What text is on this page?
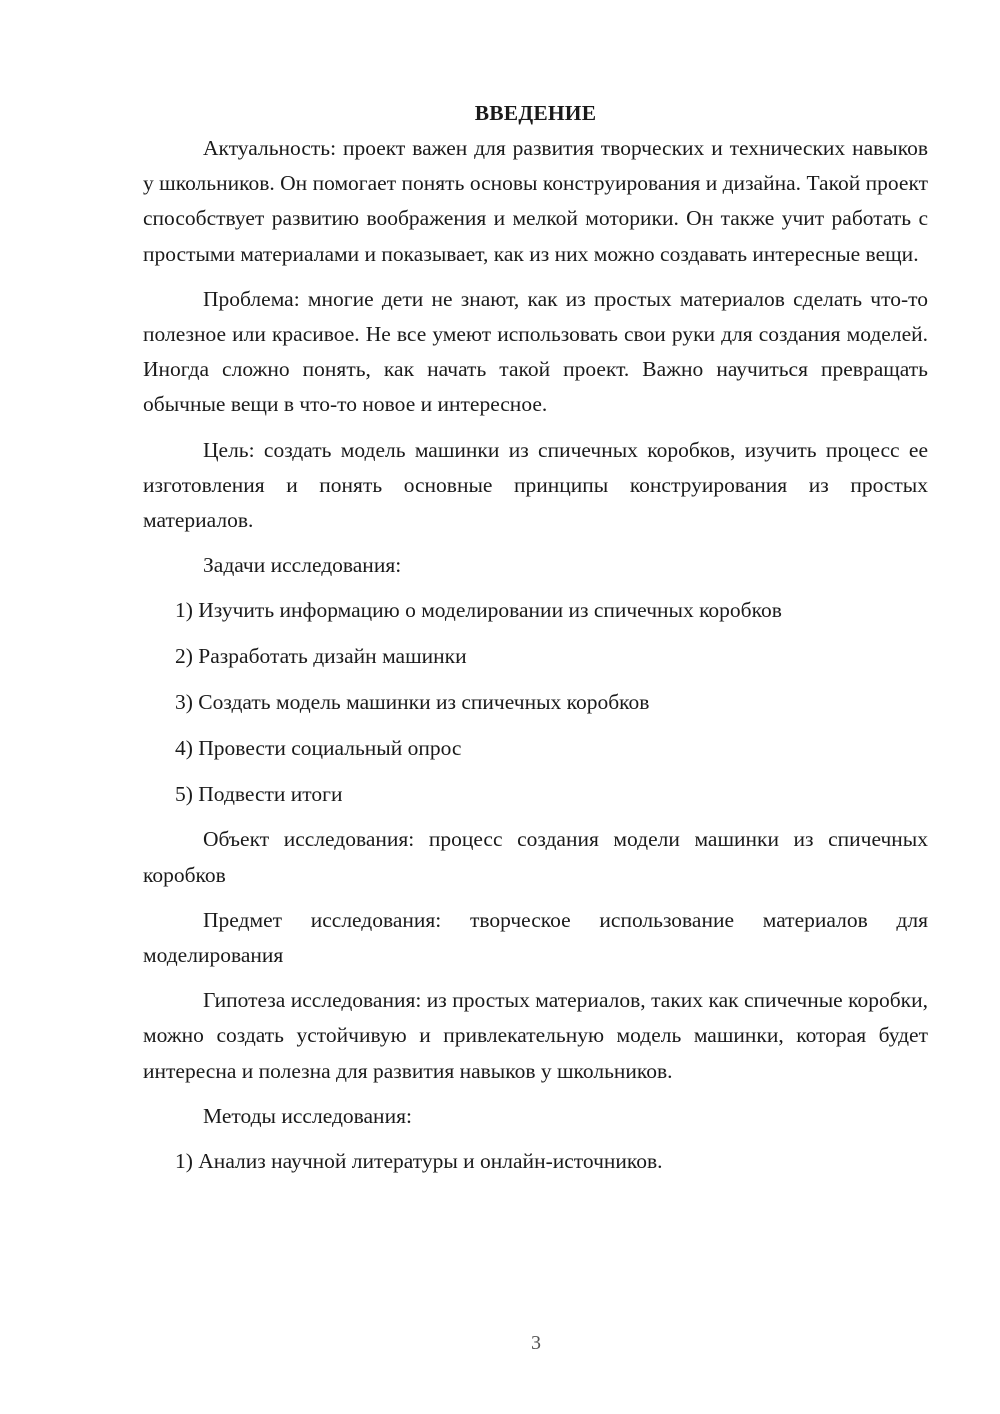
ВВЕДЕНИЕ

Актуальность: проект важен для развития творческих и технических навыков у школьников. Он помогает понять основы конструирования и дизайна. Такой проект способствует развитию воображения и мелкой моторики. Он также учит работать с простыми материалами и показывает, как из них можно создавать интересные вещи.

Проблема: многие дети не знают, как из простых материалов сделать что-то полезное или красивое. Не все умеют использовать свои руки для создания моделей. Иногда сложно понять, как начать такой проект. Важно научиться превращать обычные вещи в что-то новое и интересное.

Цель: создать модель машинки из спичечных коробков, изучить процесс ее изготовления и понять основные принципы конструирования из простых материалов.

Задачи исследования:

1) Изучить информацию о моделировании из спичечных коробков
2) Разработать дизайн машинки
3) Создать модель машинки из спичечных коробков
4) Провести социальный опрос
5) Подвести итоги

Объект исследования: процесс создания модели машинки из спичечных коробков

Предмет исследования: творческое использование материалов для моделирования

Гипотеза исследования: из простых материалов, таких как спичечные коробки, можно создать устойчивую и привлекательную модель машинки, которая будет интересна и полезна для развития навыков у школьников.

Методы исследования:

1) Анализ научной литературы и онлайн-источников.
3
